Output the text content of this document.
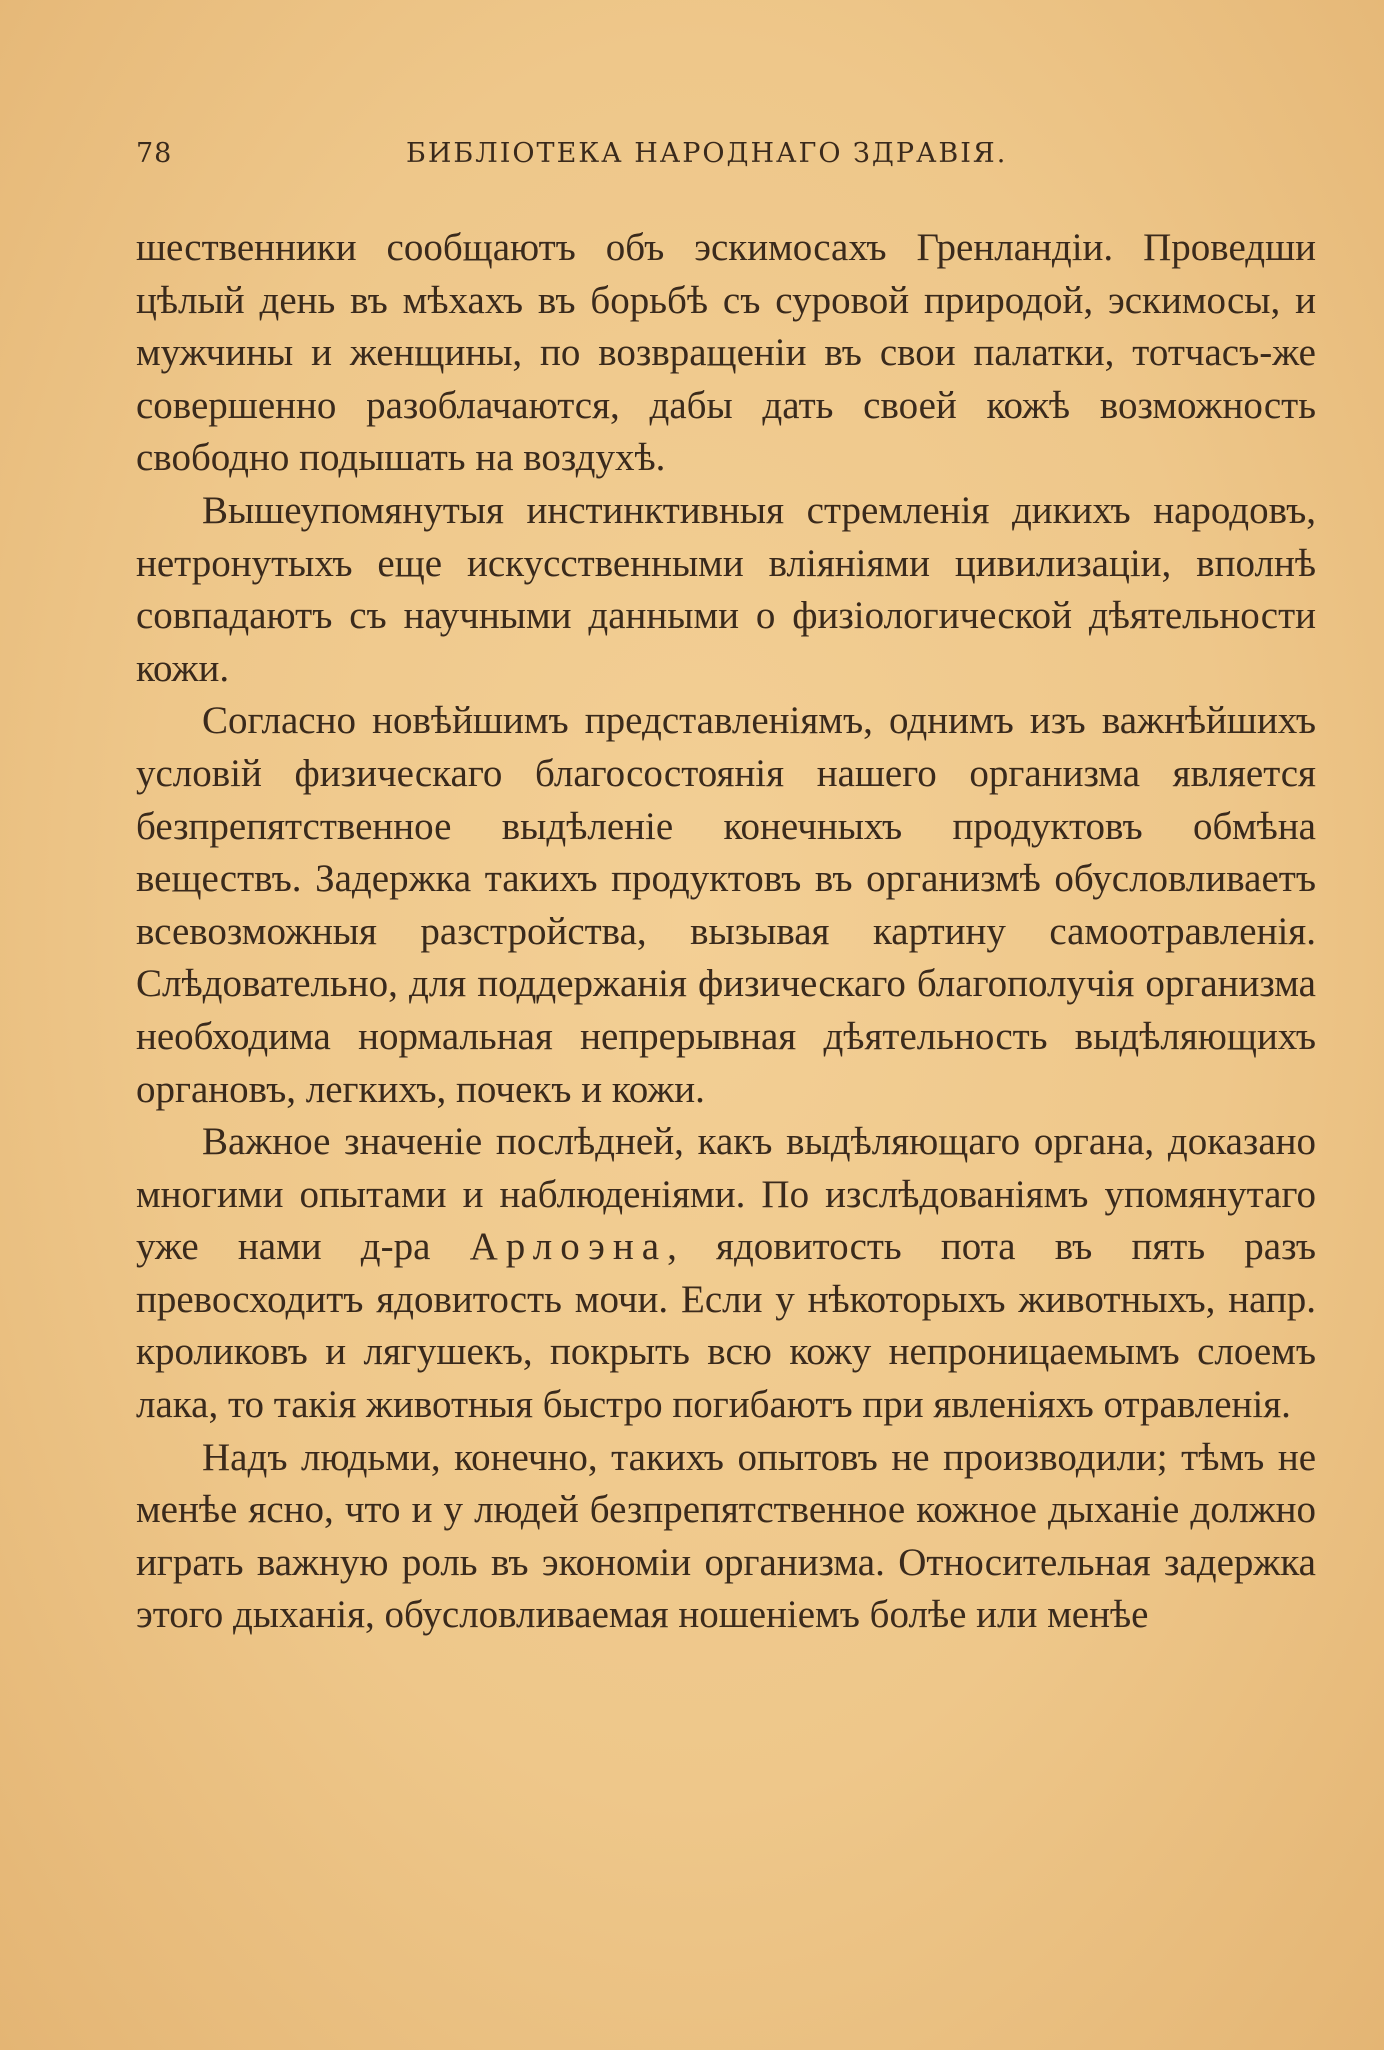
78	БИБЛІОТЕКА НАРОДНАГО ЗДРАВІЯ.

шественники сообщаютъ объ эскимосахъ Гренландіи. Проведши цѣлый день въ мѣхахъ въ борьбѣ съ суровой природой, эскимосы, и мужчины и женщины, по возвращеніи въ свои палатки, тотчасъ-же совершенно разоблачаются, дабы дать своей кожѣ возможность свободно подышать на воздухѣ.

Вышеупомянутыя инстинктивныя стремленія дикихъ народовъ, нетронутыхъ еще искусственными вліяніями цивилизаціи, вполнѣ совпадаютъ съ научными данными о физіологической дѣятельности кожи.

Согласно новѣйшимъ представленіямъ, однимъ изъ важнѣйшихъ условій физическаго благосостоянія нашего организма является безпрепятственное выдѣленіе конечныхъ продуктовъ обмѣна веществъ. Задержка такихъ продуктовъ въ организмѣ обусловливаетъ всевозможныя разстройства, вызывая картину самоотравленія. Слѣдовательно, для поддержанія физическаго благополучія организма необходима нормальная непрерывная дѣятельность выдѣляющихъ органовъ, легкихъ, почекъ и кожи.

Важное значеніе послѣдней, какъ выдѣляющаго органа, доказано многими опытами и наблюденіями. По изслѣдованіямъ упомянутаго уже нами д-ра Арлоэна, ядовитость пота въ пять разъ превосходитъ ядовитость мочи. Если у нѣкоторыхъ животныхъ, напр. кроликовъ и лягушекъ, покрыть всю кожу непроницаемымъ слоемъ лака, то такія животныя быстро погибаютъ при явленіяхъ отравленія.

Надъ людьми, конечно, такихъ опытовъ не производили; тѣмъ не менѣе ясно, что и у людей безпрепятственное кожное дыханіе должно играть важную роль въ экономіи организма. Относительная задержка этого дыханія, обусловливаемая ношеніемъ болѣе или менѣе
